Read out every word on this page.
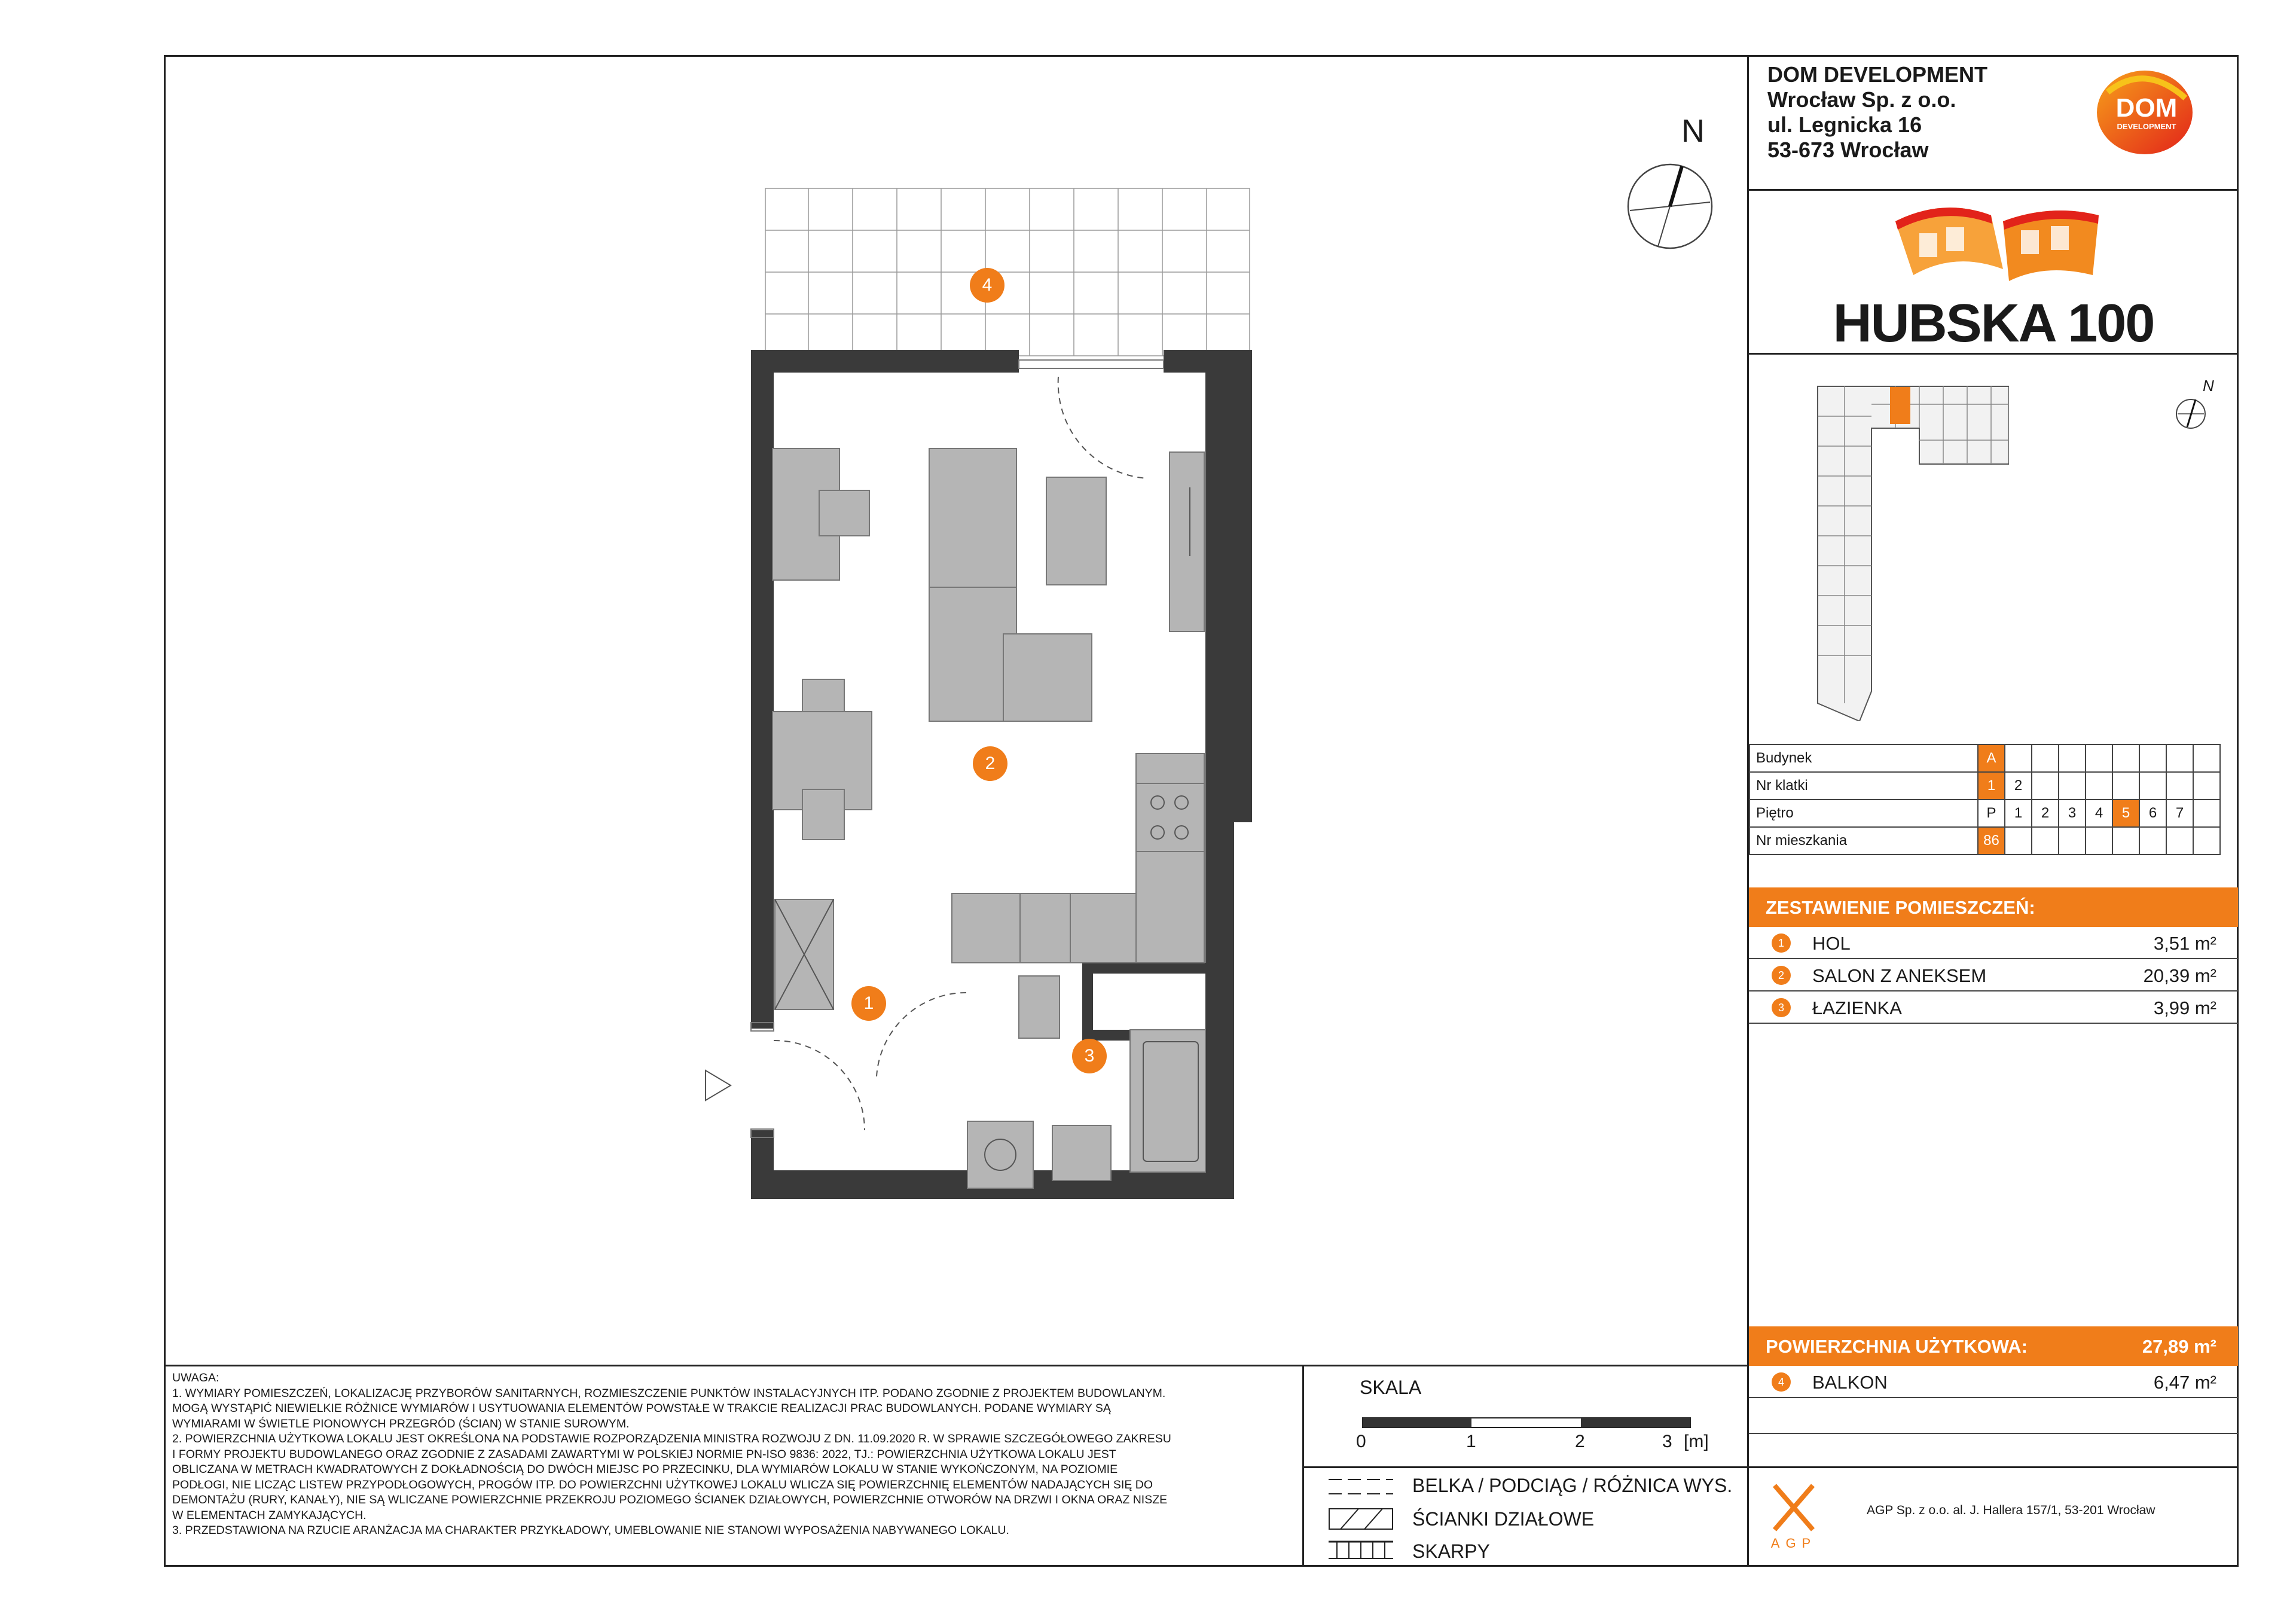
DOM DEVELOPMENT
Wrocław Sp. z o.o.
ul. Legnicka 16
53-673 Wrocław
DOM
DEVELOPMENT
HUBSKA 100
N
Budynek	A								
Nr klatki	1	2							
Piętro	P	1	2	3	4	5	6	7	
Nr mieszkania	86								
ZESTAWIENIE POMIESZCZEŃ:
1	HOL	3,51 m²
2	SALON Z ANEKSEM	20,39 m²
3	ŁAZIENKA	3,99 m²
POWIERZCHNIA UŻYTKOWA:	27,89 m²
4	BALKON	6,47 m²
AGP
AGP Sp. z o.o. al. J. Hallera 157/1, 53-201 Wrocław
UWAGA:
1. WYMIARY POMIESZCZEŃ, LOKALIZACJĘ PRZYBORÓW SANITARNYCH, ROZMIESZCZENIE PUNKTÓW INSTALACYJNYCH ITP. PODANO ZGODNIE Z PROJEKTEM BUDOWLANYM.
MOGĄ WYSTĄPIĆ NIEWIELKIE RÓŻNICE WYMIARÓW I USYTUOWANIA ELEMENTÓW POWSTAŁE W TRAKCIE REALIZACJI PRAC BUDOWLANYCH. PODANE WYMIARY SĄ
WYMIARAMI W ŚWIETLE PIONOWYCH PRZEGRÓD (ŚCIAN) W STANIE SUROWYM.
2. POWIERZCHNIA UŻYTKOWA LOKALU JEST OKREŚLONA NA PODSTAWIE ROZPORZĄDZENIA MINISTRA ROZWOJU Z DN. 11.09.2020 R. W SPRAWIE SZCZEGÓŁOWEGO ZAKRESU
I FORMY PROJEKTU BUDOWLANEGO ORAZ ZGODNIE Z ZASADAMI ZAWARTYMI W POLSKIEJ NORMIE PN-ISO 9836: 2022, TJ.: POWIERZCHNIA UŻYTKOWA LOKALU JEST
OBLICZANA W METRACH KWADRATOWYCH Z DOKŁADNOŚCIĄ DO DWÓCH MIEJSC PO PRZECINKU, DLA WYMIARÓW LOKALU W STANIE WYKOŃCZONYM, NA POZIOMIE
PODŁOGI, NIE LICZĄC LISTEW PRZYPODŁOGOWYCH, PROGÓW ITP. DO POWIERZCHNI UŻYTKOWEJ LOKALU WLICZA SIĘ POWIERZCHNIĘ ELEMENTÓW NADAJĄCYCH SIĘ DO
DEMONTAŻU (RURY, KANAŁY), NIE SĄ WLICZANE POWIERZCHNIE PRZEKROJU POZIOMEGO ŚCIANEK DZIAŁOWYCH, POWIERZCHNIE OTWORÓW NA DRZWI I OKNA ORAZ NISZE
W ELEMENTACH ZAMYKAJĄCYCH.
3. PRZEDSTAWIONA NA RZUCIE ARANŻACJA MA CHARAKTER PRZYKŁADOWY, UMEBLOWANIE NIE STANOWI WYPOSAŻENIA NABYWANEGO LOKALU.
SKALA
0	1	2	3 [m]
BELKA / PODCIĄG / RÓŻNICA WYS.
ŚCIANKI DZIAŁOWE
SKARPY
N
4
2
1
3
